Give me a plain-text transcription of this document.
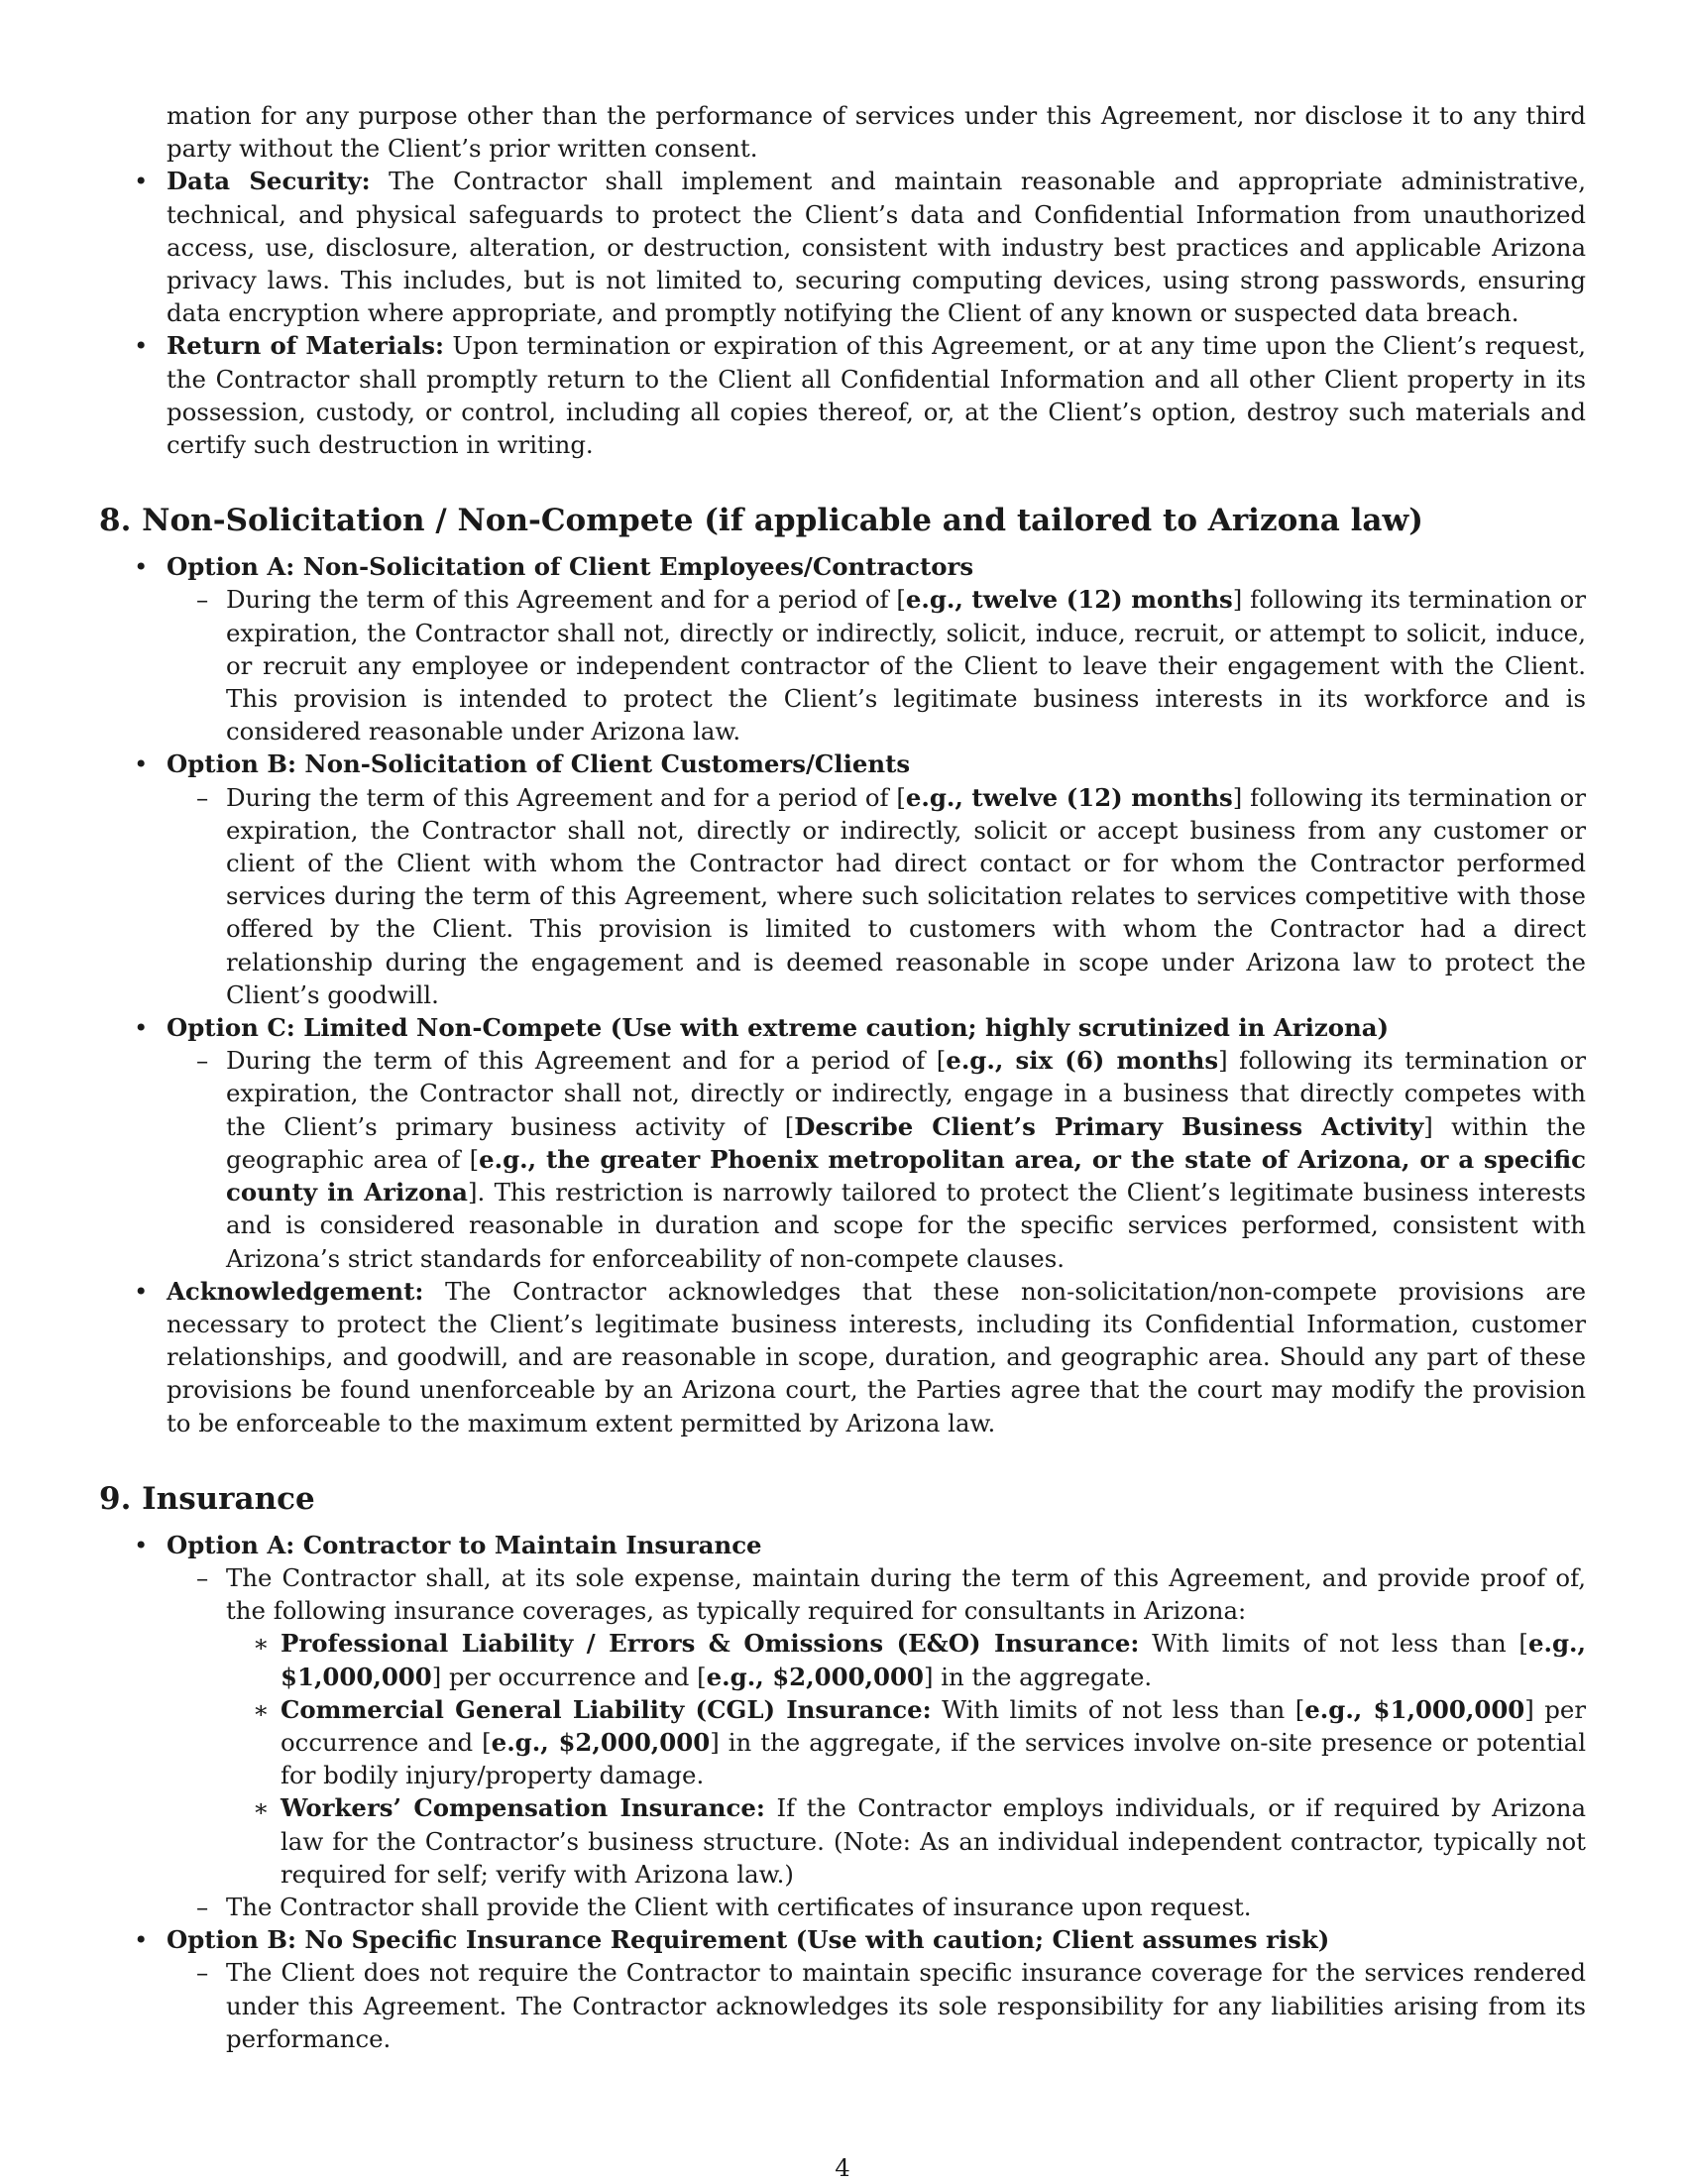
mation for any purpose other than the performance of services under this Agreement, nor disclose it to any third party without the Client’s prior written consent.

• Data Security: The Contractor shall implement and maintain reasonable and appropriate administrative, technical, and physical safeguards to protect the Client’s data and Confidential Information from unauthorized access, use, disclosure, alteration, or destruction, consistent with industry best practices and applicable Arizona privacy laws. This includes, but is not limited to, securing computing devices, using strong passwords, ensuring data encryption where appropriate, and promptly notifying the Client of any known or suspected data breach.

• Return of Materials: Upon termination or expiration of this Agreement, or at any time upon the Client’s request, the Contractor shall promptly return to the Client all Confidential Information and all other Client property in its possession, custody, or control, including all copies thereof, or, at the Client’s option, destroy such materials and certify such destruction in writing.

8. Non-Solicitation / Non-Compete (if applicable and tailored to Arizona law)

• Option A: Non-Solicitation of Client Employees/Contractors

– During the term of this Agreement and for a period of [e.g., twelve (12) months] following its termination or expiration, the Contractor shall not, directly or indirectly, solicit, induce, recruit, or attempt to solicit, induce, or recruit any employee or independent contractor of the Client to leave their engagement with the Client. This provision is intended to protect the Client’s legitimate business interests in its workforce and is considered reasonable under Arizona law.

• Option B: Non-Solicitation of Client Customers/Clients

– During the term of this Agreement and for a period of [e.g., twelve (12) months] following its termination or expiration, the Contractor shall not, directly or indirectly, solicit or accept business from any customer or client of the Client with whom the Contractor had direct contact or for whom the Contractor performed services during the term of this Agreement, where such solicitation relates to services competitive with those offered by the Client. This provision is limited to customers with whom the Contractor had a direct relationship during the engagement and is deemed reasonable in scope under Arizona law to protect the Client’s goodwill.

• Option C: Limited Non-Compete (Use with extreme caution; highly scrutinized in Arizona)

– During the term of this Agreement and for a period of [e.g., six (6) months] following its termination or expiration, the Contractor shall not, directly or indirectly, engage in a business that directly competes with the Client’s primary business activity of [Describe Client’s Primary Business Activity] within the geographic area of [e.g., the greater Phoenix metropolitan area, or the state of Arizona, or a specific county in Arizona]. This restriction is narrowly tailored to protect the Client’s legitimate business interests and is considered reasonable in duration and scope for the specific services performed, consistent with Arizona’s strict standards for enforceability of non-compete clauses.

• Acknowledgement: The Contractor acknowledges that these non-solicitation/non-compete provisions are necessary to protect the Client’s legitimate business interests, including its Confidential Information, customer relationships, and goodwill, and are reasonable in scope, duration, and geographic area. Should any part of these provisions be found unenforceable by an Arizona court, the Parties agree that the court may modify the provision to be enforceable to the maximum extent permitted by Arizona law.

9. Insurance

• Option A: Contractor to Maintain Insurance

– The Contractor shall, at its sole expense, maintain during the term of this Agreement, and provide proof of, the following insurance coverages, as typically required for consultants in Arizona:

∗ Professional Liability / Errors & Omissions (E&O) Insurance: With limits of not less than [e.g., $1,000,000] per occurrence and [e.g., $2,000,000] in the aggregate.

∗ Commercial General Liability (CGL) Insurance: With limits of not less than [e.g., $1,000,000] per occurrence and [e.g., $2,000,000] in the aggregate, if the services involve on-site presence or potential for bodily injury/property damage.

∗ Workers’ Compensation Insurance: If the Contractor employs individuals, or if required by Arizona law for the Contractor’s business structure. (Note: As an individual independent contractor, typically not required for self; verify with Arizona law.)

– The Contractor shall provide the Client with certificates of insurance upon request.

• Option B: No Specific Insurance Requirement (Use with caution; Client assumes risk)

– The Client does not require the Contractor to maintain specific insurance coverage for the services rendered under this Agreement. The Contractor acknowledges its sole responsibility for any liabilities arising from its performance.

4
